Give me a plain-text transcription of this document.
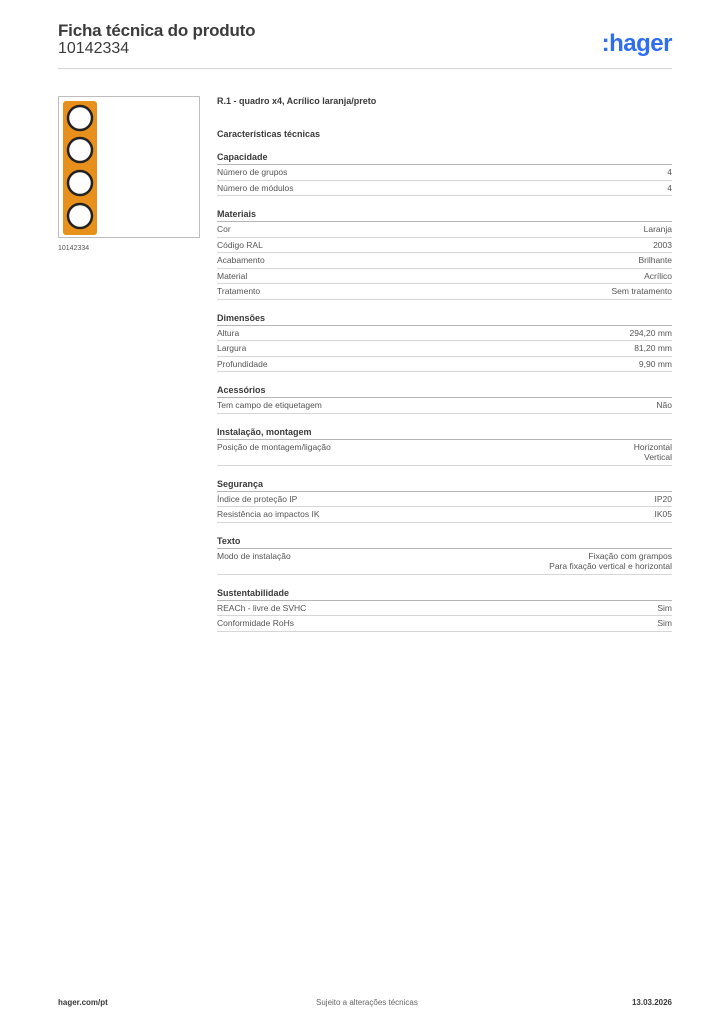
Ficha técnica do produto
10142334	:hager
10142334
R.1 - quadro x4, Acrílico laranja/preto
Características técnicas
Capacidade
Número de grupos	4
Número de módulos	4
Materiais
Cor	Laranja
Código RAL	2003
Acabamento	Brilhante
Material	Acrílico
Tratamento	Sem tratamento
Dimensões
Altura	294,20 mm
Largura	81,20 mm
Profundidade	9,90 mm
Acessórios
Tem campo de etiquetagem	Não
Instalação, montagem
Posição de montagem/ligação	Horizontal
Vertical
Segurança
Índice de proteção IP	IP20
Resistência ao impactos IK	IK05
Texto
Modo de instalação	Fixação com grampos
Para fixação vertical e horizontal
Sustentabilidade
REACh - livre de SVHC	Sim
Conformidade RoHs	Sim
hager.com/pt	Sujeito a alterações técnicas	13.03.2026
